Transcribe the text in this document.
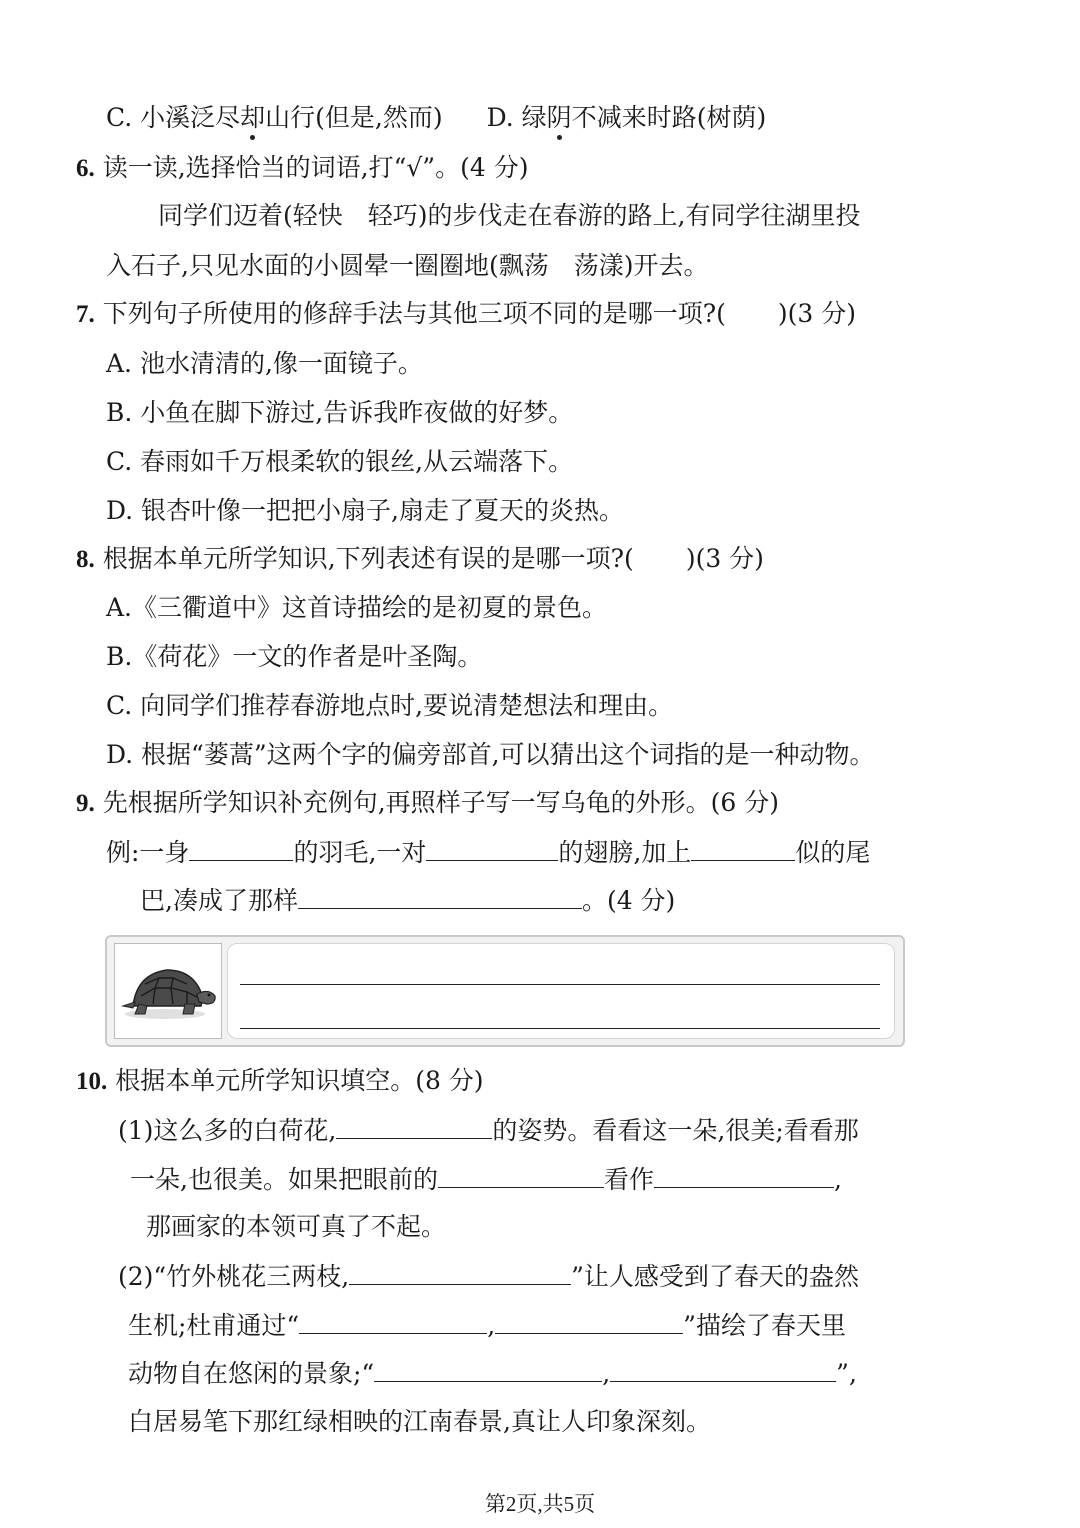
C. 小溪泛尽却山行(但是,然而) D. 绿阴不减来时路(树荫)
6. 读一读,选择恰当的词语,打“√”。(4 分)
同学们迈着(轻快　轻巧)的步伐走在春游的路上,有同学往湖里投
入石子,只见水面的小圆晕一圈圈地(飘荡　荡漾)开去。
7. 下列句子所使用的修辞手法与其他三项不同的是哪一项?( )(3 分)
A. 池水清清的,像一面镜子。
B. 小鱼在脚下游过,告诉我昨夜做的好梦。
C. 春雨如千万根柔软的银丝,从云端落下。
D. 银杏叶像一把把小扇子,扇走了夏天的炎热。
8. 根据本单元所学知识,下列表述有误的是哪一项?( )(3 分)
A.《三衢道中》这首诗描绘的是初夏的景色。
B.《荷花》一文的作者是叶圣陶。
C. 向同学们推荐春游地点时,要说清楚想法和理由。
D. 根据“蒌蒿”这两个字的偏旁部首,可以猜出这个词指的是一种动物。
9. 先根据所学知识补充例句,再照样子写一写乌龟的外形。(6 分)
例:一身	的羽毛,一对	的翅膀,加上	似的尾
巴,凑成了那样	。(4 分)
10. 根据本单元所学知识填空。(8 分)
(1)这么多的白荷花,	的姿势。看看这一朵,很美;看看那
一朵,也很美。如果把眼前的	看作	,
那画家的本领可真了不起。
(2)“竹外桃花三两枝,	”让人感受到了春天的盎然
生机;杜甫通过“	,	”描绘了春天里
动物自在悠闲的景象;“	,	”,
白居易笔下那红绿相映的江南春景,真让人印象深刻。
第2页,共5页
